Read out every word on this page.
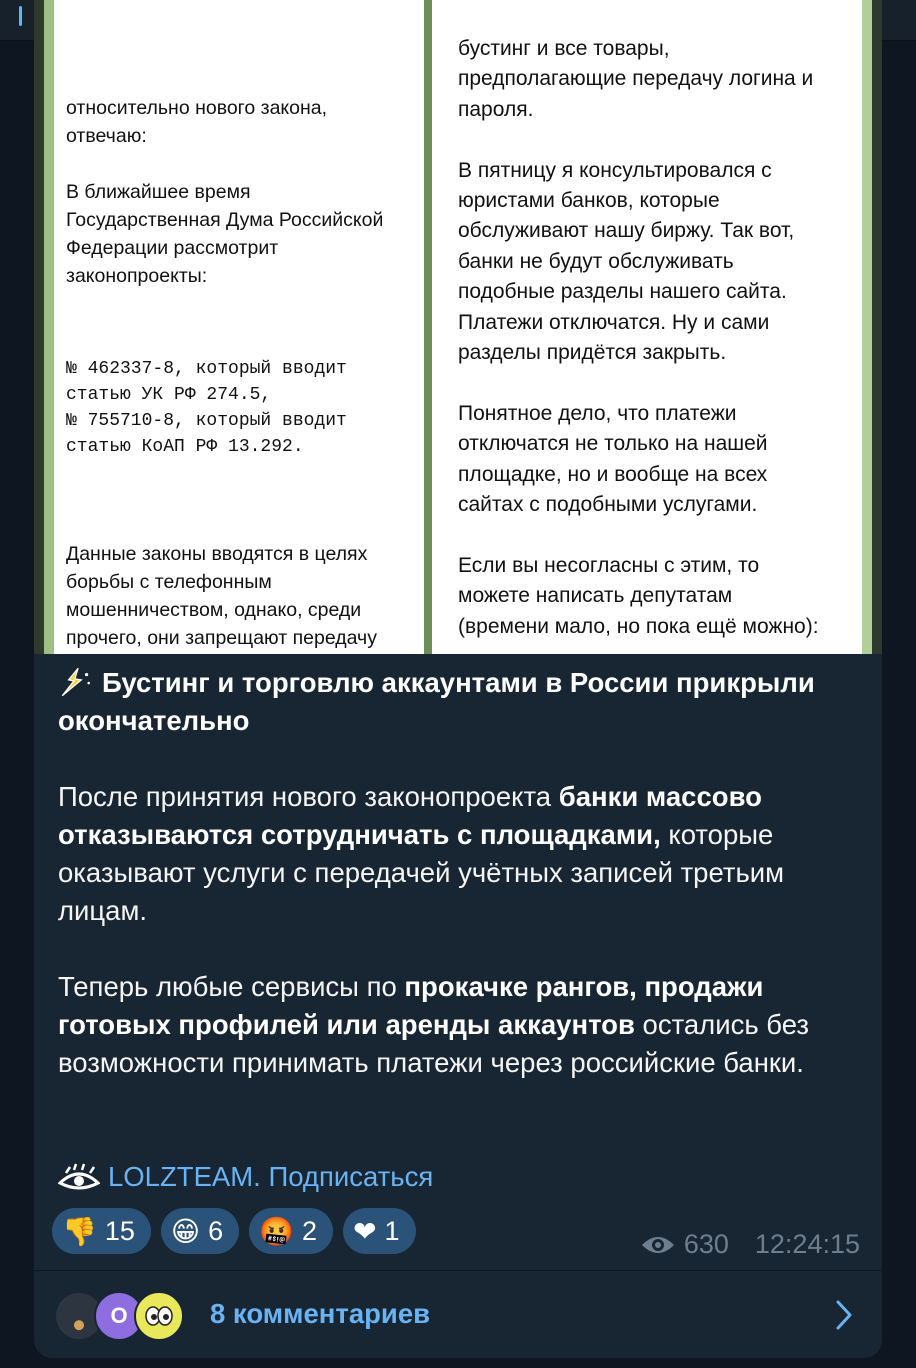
относительно нового закона,
отвечаю:

В ближайшее время
Государственная Дума Российской
Федерации рассмотрит
законопроекты:

№ 462337-8, который вводит
статью УК РФ 274.5,
№ 755710-8, который вводит
статью КоАП РФ 13.292.

Данные законы вводятся в целях
борьбы с телефонным
мошенничеством, однако, среди
прочего, они запрещают передачу

бустинг и все товары,
предполагающие передачу логина и
пароля.

В пятницу я консультировался с
юристами банков, которые
обслуживают нашу биржу. Так вот,
банки не будут обслуживать
подобные разделы нашего сайта.
Платежи отключатся. Ну и сами
разделы придётся закрыть.

Понятное дело, что платежи
отключатся не только на нашей
площадке, но и вообще на всех
сайтах с подобными услугами.

Если вы несогласны с этим, то
можете написать депутатам
(времени мало, но пока ещё можно):
Бустинг и торговлю аккаунтами в России прикрыли окончательно
После принятия нового законопроекта банки массово отказываются сотрудничать с площадками, которые оказывают услуги с передачей учётных записей третьим лицам.
Теперь любые сервисы по прокачке рангов, продажи готовых профилей или аренды аккаунтов остались без возможности принимать платежи через российские банки.
LOLZTEAM. Подписаться
👎 15 😁 6 🤬 2 ❤ 1	630 12:24:15
О	8 комментариев
